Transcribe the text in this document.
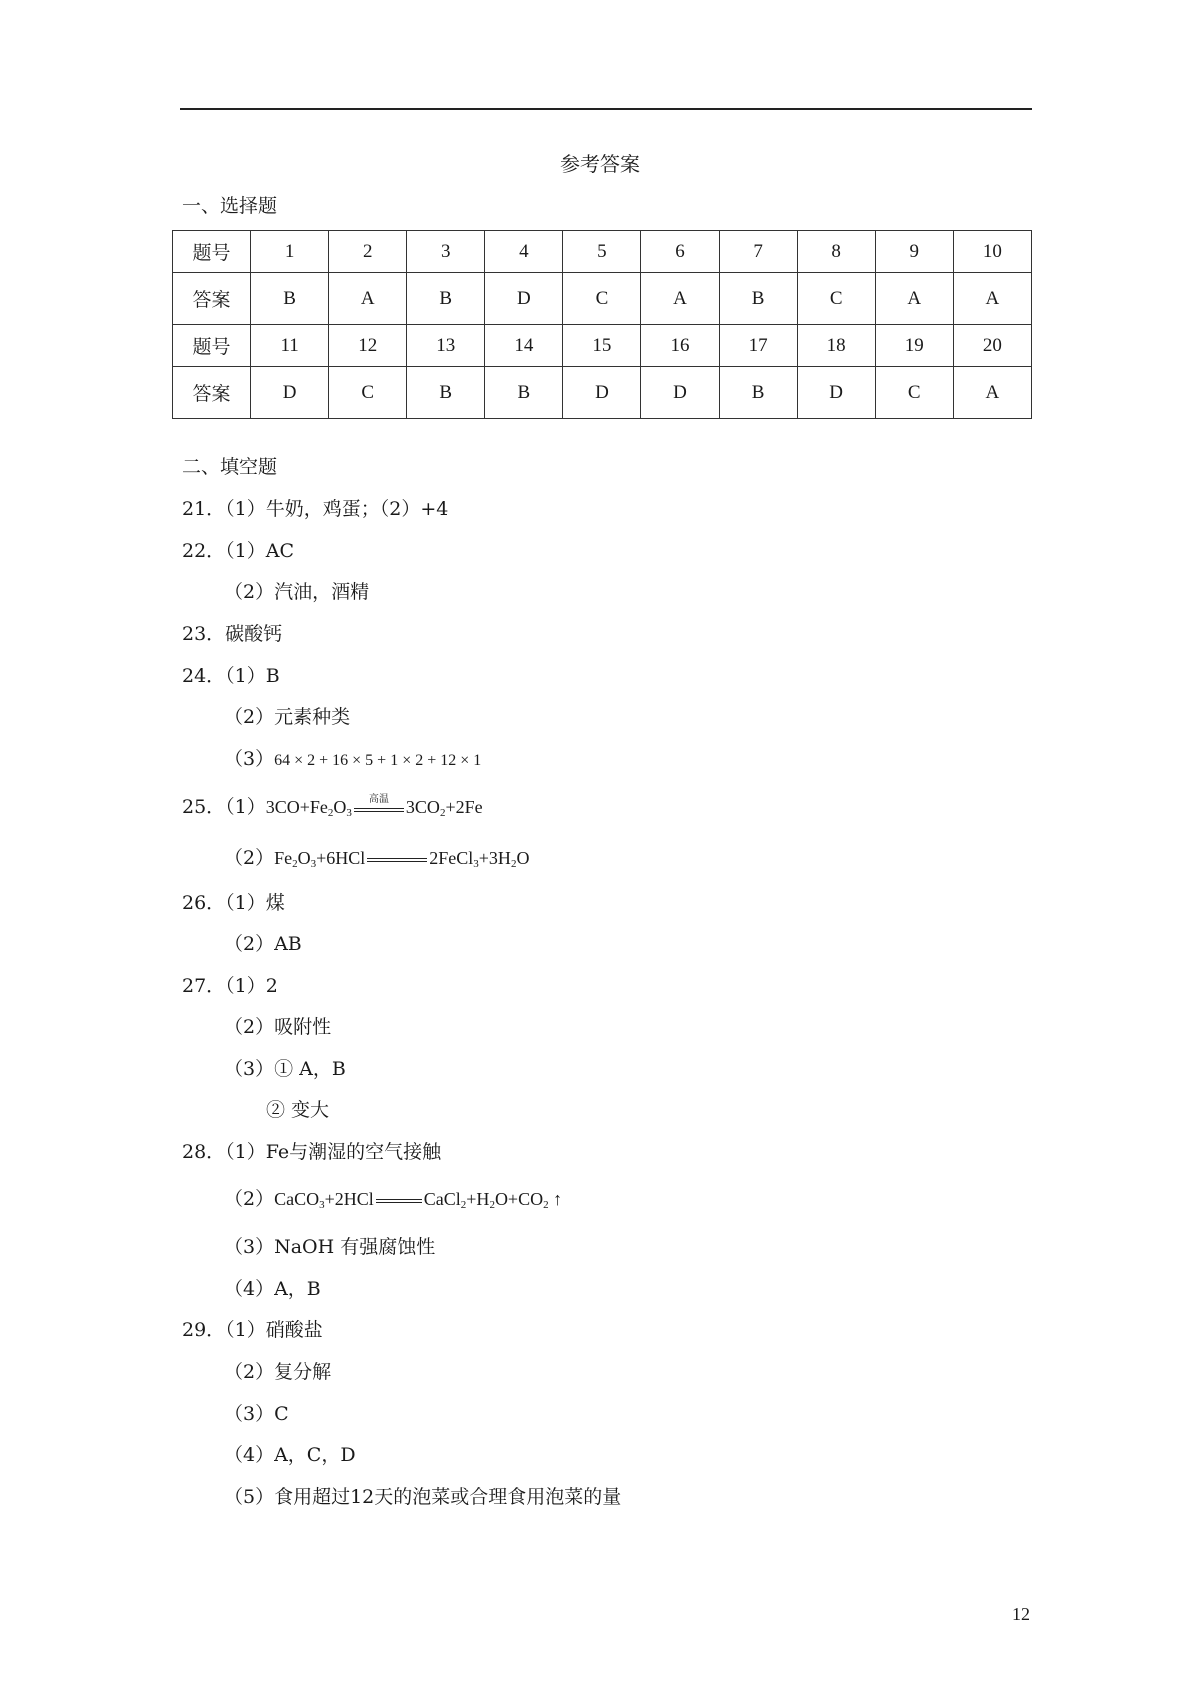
参考答案
一、选择题
题号	1	2	3	4	5	6	7	8	9	10
答案	B	A	B	D	C	A	B	C	A	A
题号	11	12	13	14	15	16	17	18	19	20
答案	D	C	B	B	D	D	B	D	C	A
二、填空题
21．（1）牛奶，鸡蛋；（2）+4
22．（1）AC
（2）汽油，酒精
23．碳酸钙
24．（1）B
（2）元素种类
（3）64 × 2 + 16 × 5 + 1 × 2 + 12 × 1
25．$(1)3CO+Fe_2O_3$
高温 $3CO_2+2Fe$
$(2)Fe_2O_3+6HCl$	$2FeCl_3+3H_2O$
26．（1）煤
（2）AB
27．（1）2
（2）吸附性
（3）① A，B
② 变大
28．（1）Fe与潮湿的空气接触
（2）CaCO$_3$+2HCl	$CaCl_2+H_2O+CO_2$ ↑
（3）NaOH 有强腐蚀性
（4）A，B
29．（1）硝酸盐
（2）复分解
（3）C
（4）A，C，D
（5）食用超过12天的泡菜或合理食用泡菜的量
12
